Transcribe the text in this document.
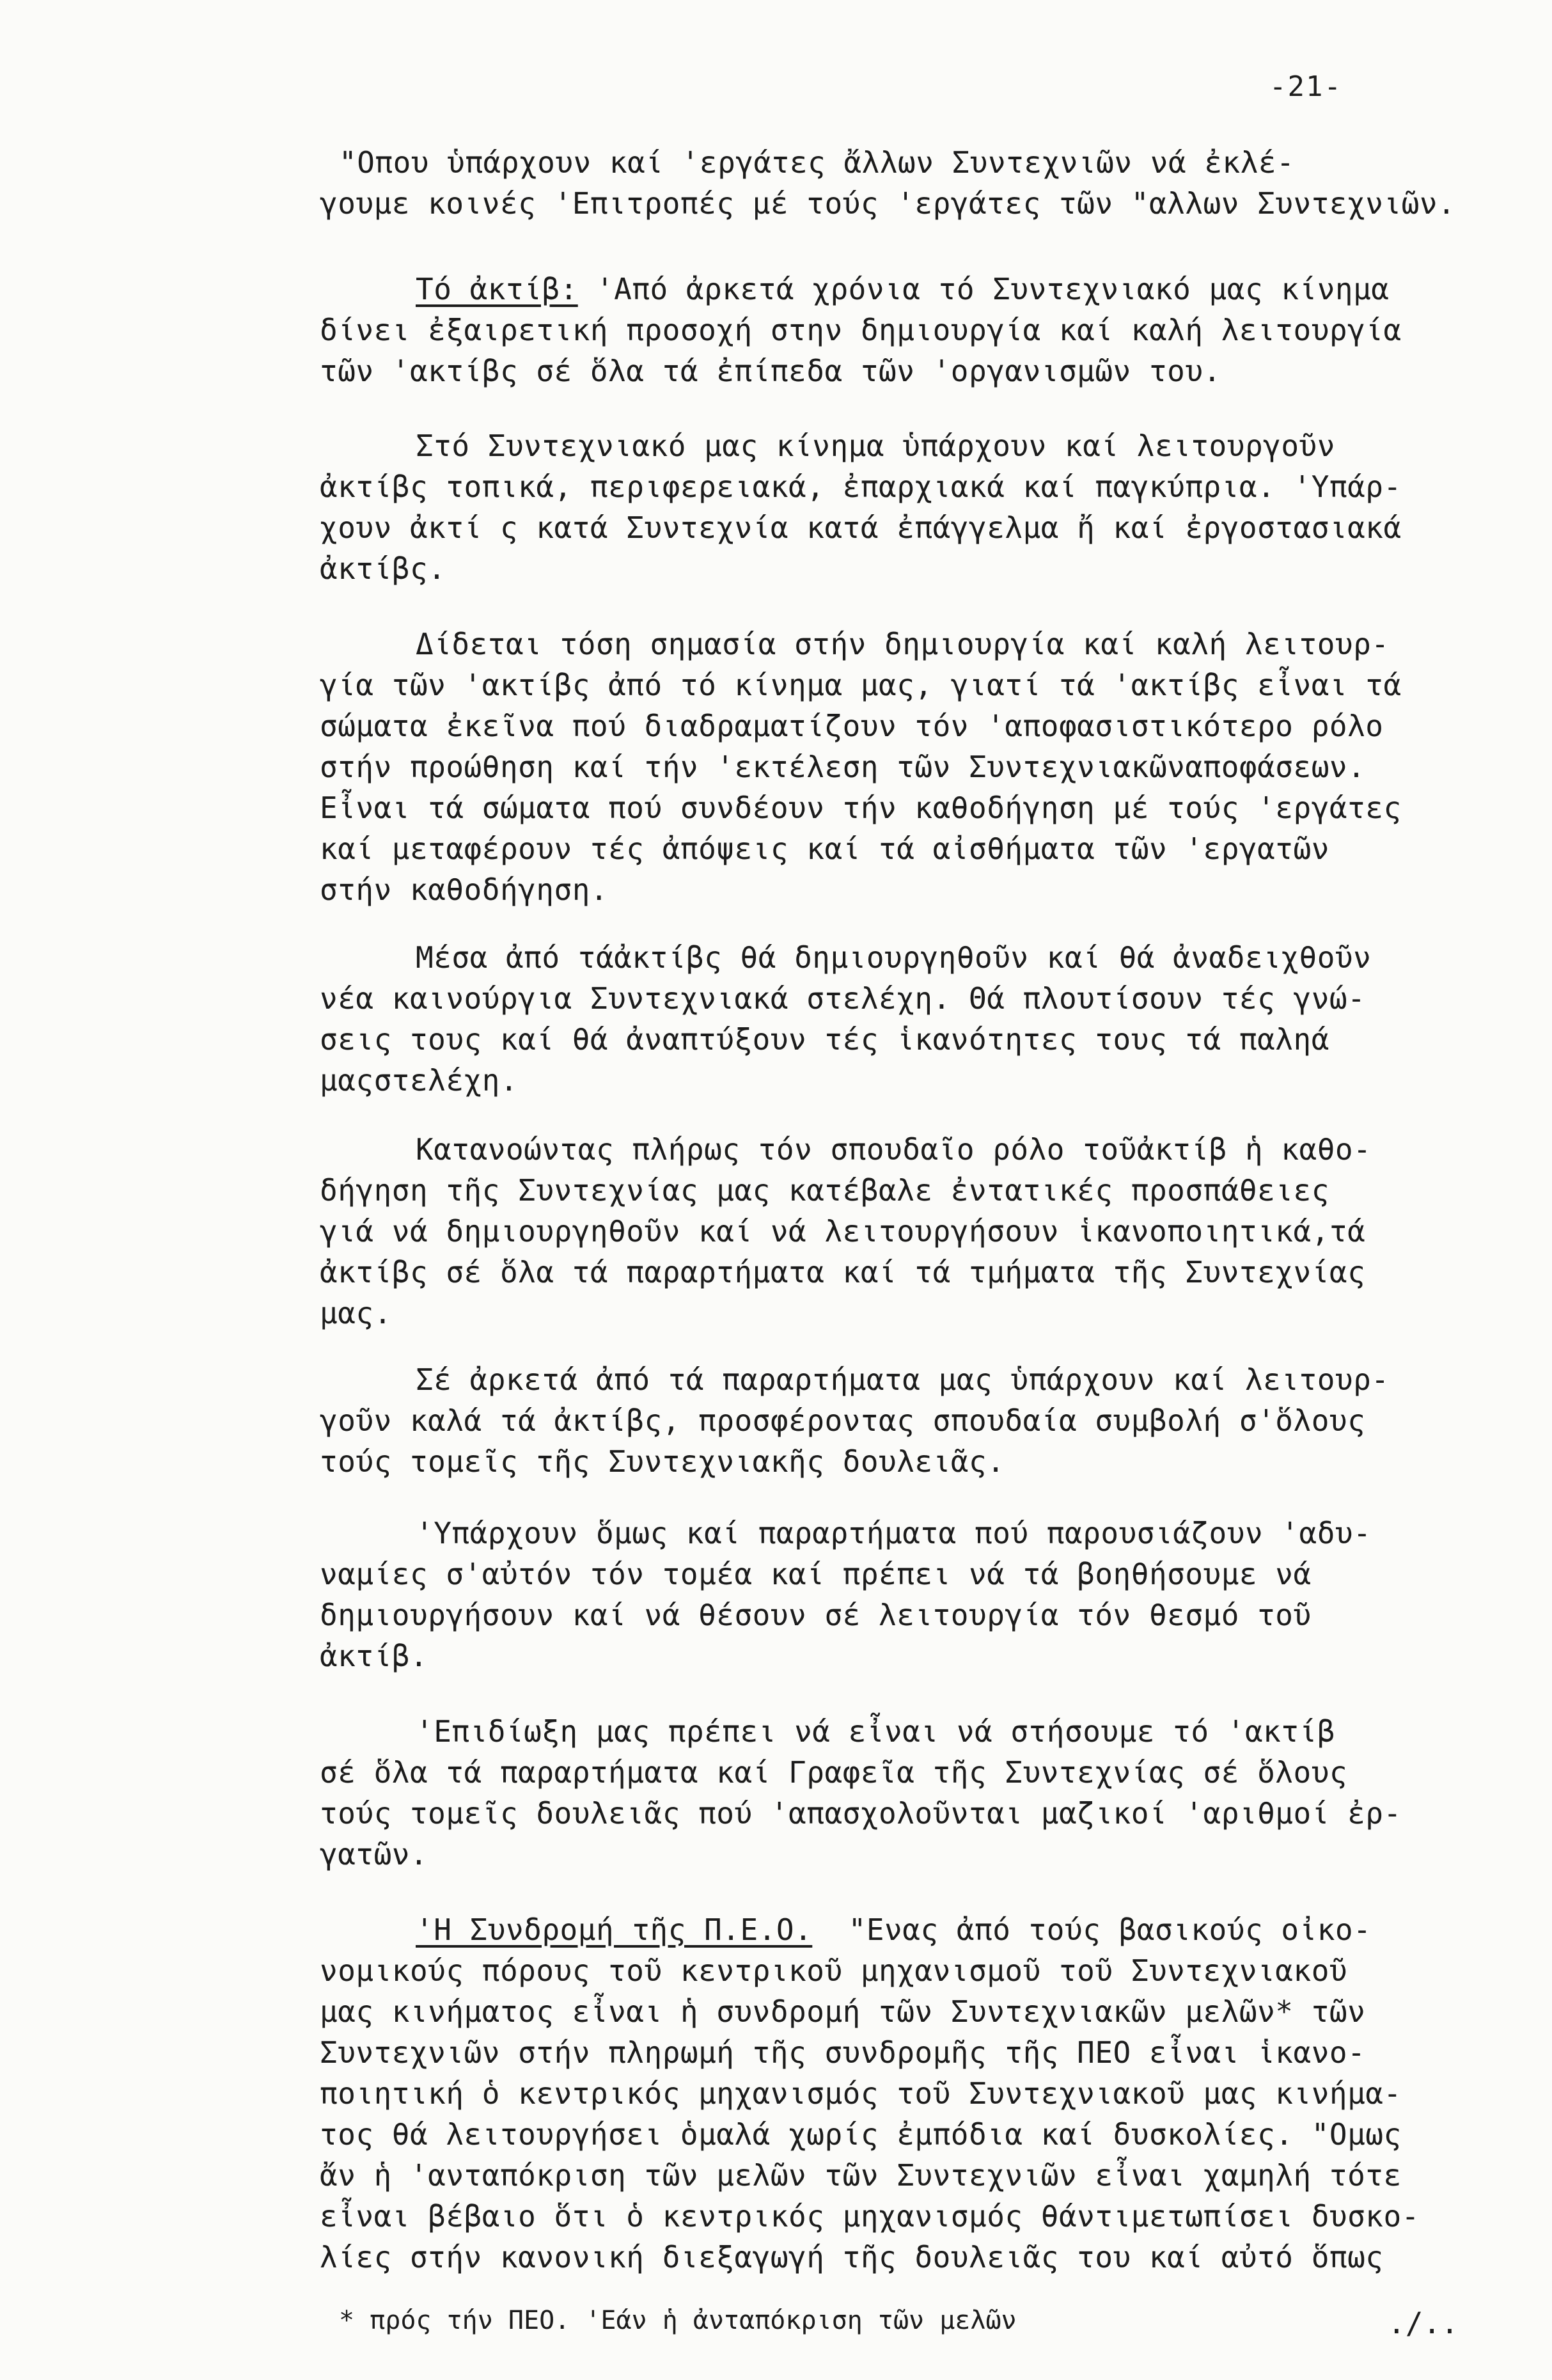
-21-
"Οπου ὑπάρχουν καί 'εργάτες ἄλλων Συντεχνιῶν νά ἐκλέ-
γουμε κοινές 'Επιτροπές μέ τούς 'εργάτες τῶν "αλλων Συντεχνιῶν.
Τό ἀκτίβ: 'Από ἀρκετά χρόνια τό Συντεχνιακό μας κίνημα
δίνει ἐξαιρετική προσοχή στην δημιουργία καί καλή λειτουργία
τῶν 'ακτίβς σέ ὅλα τά ἐπίπεδα τῶν 'οργανισμῶν του.
Στό Συντεχνιακό μας κίνημα ὑπάρχουν καί λειτουργοῦν
ἀκτίβς τοπικά, περιφερειακά, ἐπαρχιακά καί παγκύπρια. 'Υπάρ-
χουν ἀκτί ς κατά Συντεχνία κατά ἐπάγγελμα ἤ καί ἐργοστασιακά
ἀκτίβς.
Δίδεται τόση σημασία στήν δημιουργία καί καλή λειτουρ-
γία τῶν 'ακτίβς ἀπό τό κίνημα μας, γιατί τά 'ακτίβς εἶναι τά
σώματα ἐκεῖνα πού διαδραματίζουν τόν 'αποφασιστικότερο ρόλο
στήν προώθηση καί τήν 'εκτέλεση τῶν Συντεχνιακῶναποφάσεων.
Εἶναι τά σώματα πού συνδέουν τήν καθοδήγηση μέ τούς 'εργάτες
καί μεταφέρουν τές ἀπόψεις καί τά αἰσθήματα τῶν 'εργατῶν
στήν καθοδήγηση.
Μέσα ἀπό τάἀκτίβς θά δημιουργηθοῦν καί θά ἀναδειχθοῦν
νέα καινούργια Συντεχνιακά στελέχη. Θά πλουτίσουν τές γνώ-
σεις τους καί θά ἀναπτύξουν τές ἱκανότητες τους τά παληά
μαςστελέχη.
Κατανοώντας πλήρως τόν σπουδαῖο ρόλο τοῦἀκτίβ ἡ καθο-
δήγηση τῆς Συντεχνίας μας κατέβαλε ἐντατικές προσπάθειες
γιά νά δημιουργηθοῦν καί νά λειτουργήσουν ἱκανοποιητικά,τά
ἀκτίβς σέ ὅλα τά παραρτήματα καί τά τμήματα τῆς Συντεχνίας
μας.
Σέ ἀρκετά ἀπό τά παραρτήματα μας ὑπάρχουν καί λειτουρ-
γοῦν καλά τά ἀκτίβς, προσφέροντας σπουδαία συμβολή σ'ὅλους
τούς τομεῖς τῆς Συντεχνιακῆς δουλειᾶς.
'Υπάρχουν ὅμως καί παραρτήματα πού παρουσιάζουν 'αδυ-
ναμίες σ'αὐτόν τόν τομέα καί πρέπει νά τά βοηθήσουμε νά
δημιουργήσουν καί νά θέσουν σέ λειτουργία τόν θεσμό τοῦ
ἀκτίβ.
'Επιδίωξη μας πρέπει νά εἶναι νά στήσουμε τό 'ακτίβ
σέ ὅλα τά παραρτήματα καί Γραφεῖα τῆς Συντεχνίας σέ ὅλους
τούς τομεῖς δουλειᾶς πού 'απασχολοῦνται μαζικοί 'αριθμοί ἐρ-
γατῶν.
'Η Συνδρομή τῆς Π.Ε.Ο. "Ενας ἀπό τούς βασικούς οἰκο-
νομικούς πόρους τοῦ κεντρικοῦ μηχανισμοῦ τοῦ Συντεχνιακοῦ
μας κινήματος εἶναι ἡ συνδρομή τῶν Συντεχνιακῶν μελῶν* τῶν
Συντεχνιῶν στήν πληρωμή τῆς συνδρομῆς τῆς ΠΕΟ εἶναι ἱκανο-
ποιητική ὁ κεντρικός μηχανισμός τοῦ Συντεχνιακοῦ μας κινήμα-
τος θά λειτουργήσει ὁμαλά χωρίς ἐμπόδια καί δυσκολίες. "Ομως
ἄν ἡ 'ανταπόκριση τῶν μελῶν τῶν Συντεχνιῶν εἶναι χαμηλή τότε
εἶναι βέβαιο ὅτι ὁ κεντρικός μηχανισμός θάντιμετωπίσει δυσκο-
λίες στήν κανονική διεξαγωγή τῆς δουλειᾶς του καί αὐτό ὅπως
* πρός τήν ΠΕΟ. 'Εάν ἡ ἀνταπόκριση τῶν μελῶν	./..
